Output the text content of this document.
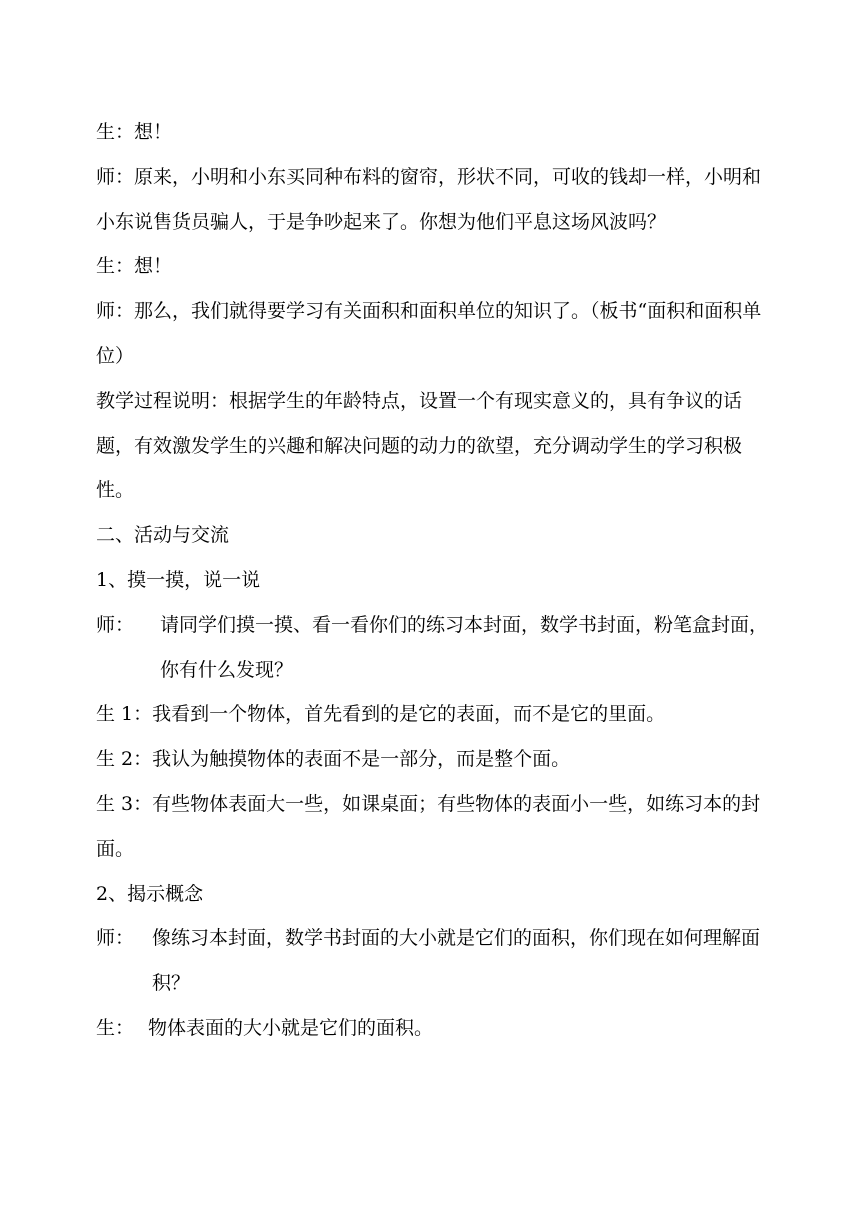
生：想！

师：原来，小明和小东买同种布料的窗帘，形状不同，可收的钱却一样，小明和小东说售货员骗人，于是争吵起来了。你想为他们平息这场风波吗？

生：想！

师：那么，我们就得要学习有关面积和面积单位的知识了。（板书“面积和面积单位）

教学过程说明：根据学生的年龄特点，设置一个有现实意义的，具有争议的话题，有效激发学生的兴趣和解决问题的动力的欲望，充分调动学生的学习积极性。

二、活动与交流

1、摸一摸，说一说

师：	请同学们摸一摸、看一看你们的练习本封面，数学书封面，粉笔盒封面，你有什么发现？

生 1：我看到一个物体，首先看到的是它的表面，而不是它的里面。

生 2：我认为触摸物体的表面不是一部分，而是整个面。

生 3：有些物体表面大一些，如课桌面；有些物体的表面小一些，如练习本的封面。

2、揭示概念

师： 像练习本封面，数学书封面的大小就是它们的面积，你们现在如何理解面积？
生： 物体表面的大小就是它们的面积。
